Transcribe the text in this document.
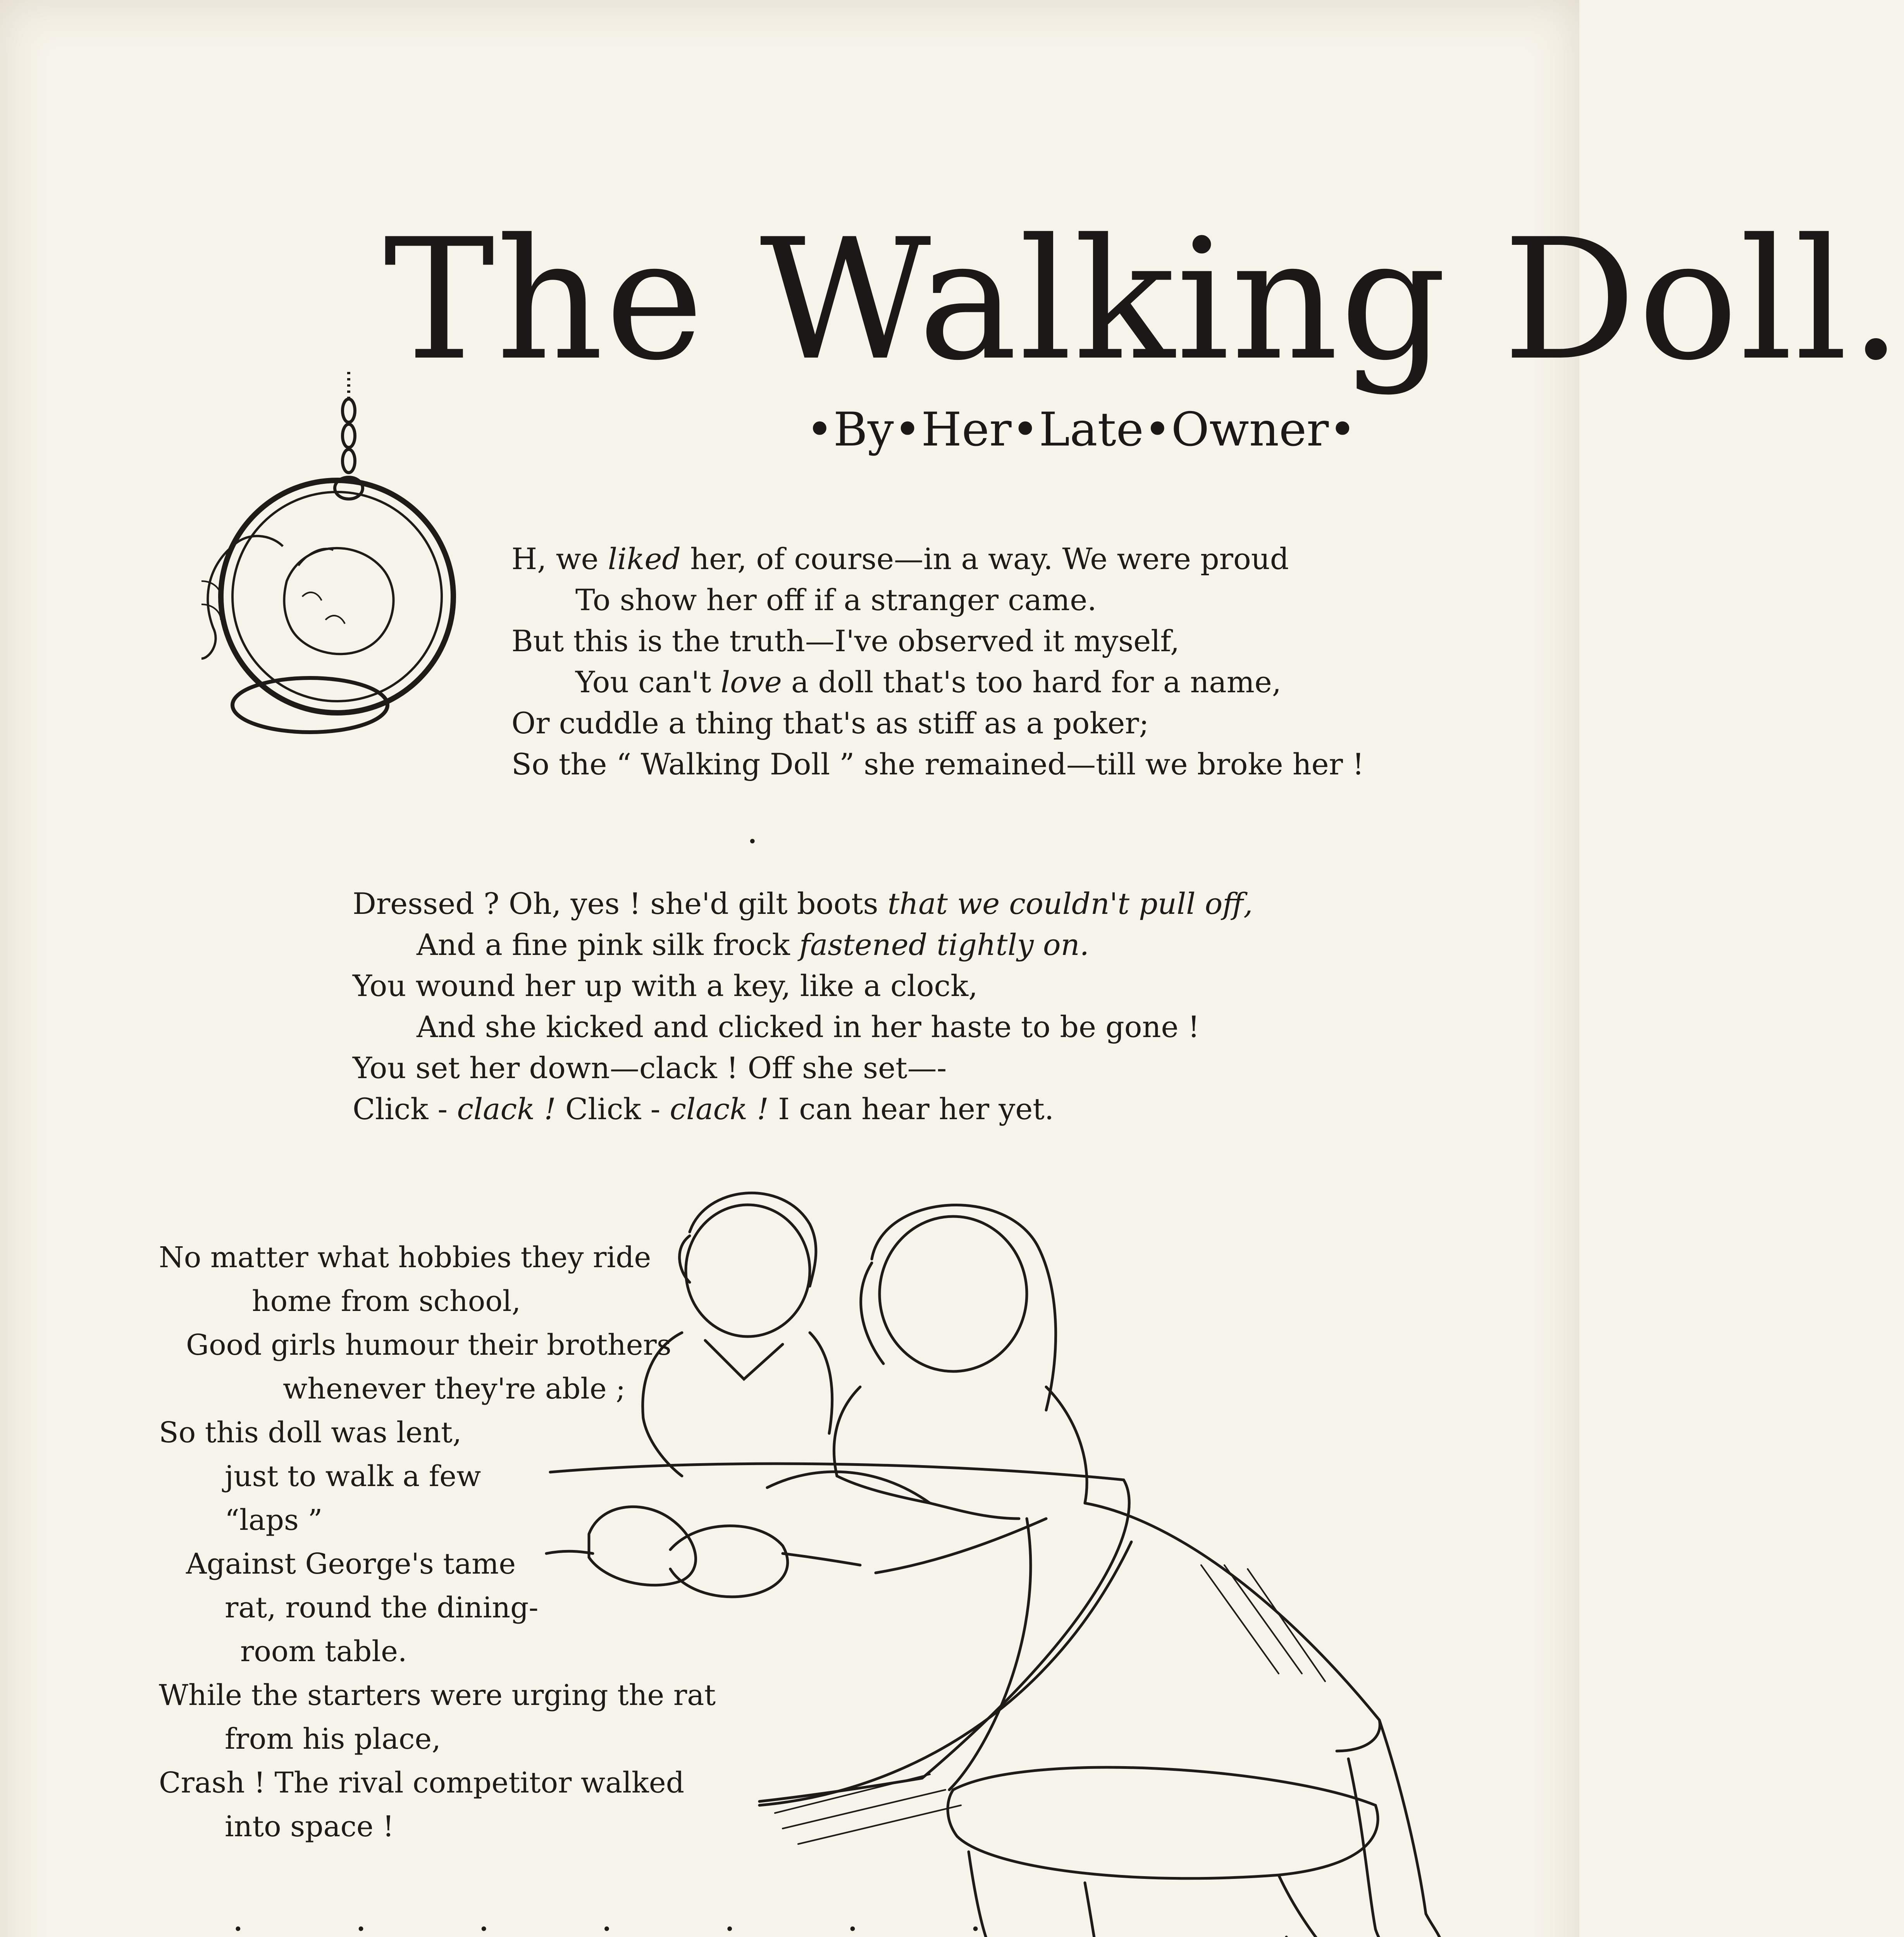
The Walking Doll.
•By•Her•Late•Owner•
H, we liked her, of course—in a way. We were proud
To show her off if a stranger came.
But this is the truth—I've observed it myself,
You can't love a doll that's too hard for a name,
Or cuddle a thing that's as stiff as a poker;
So the “ Walking Doll ” she remained—till we broke her !
•
Dressed ? Oh, yes ! she'd gilt boots that we couldn't pull off,
And a fine pink silk frock fastened tightly on.
You wound her up with a key, like a clock,
And she kicked and clicked in her haste to be gone !
You set her down—clack ! Off she set—-
Click - clack ! Click - clack ! I can hear her yet.
No matter what hobbies they ride
home from school,
Good girls humour their brothers
whenever they're able ;
So this doll was lent,
just to walk a few
“laps ”
Against George's tame
rat, round the dining-
room table.
While the starters were urging the rat
from his place,
Crash ! The rival competitor walked
into space !
. . . . . . .
